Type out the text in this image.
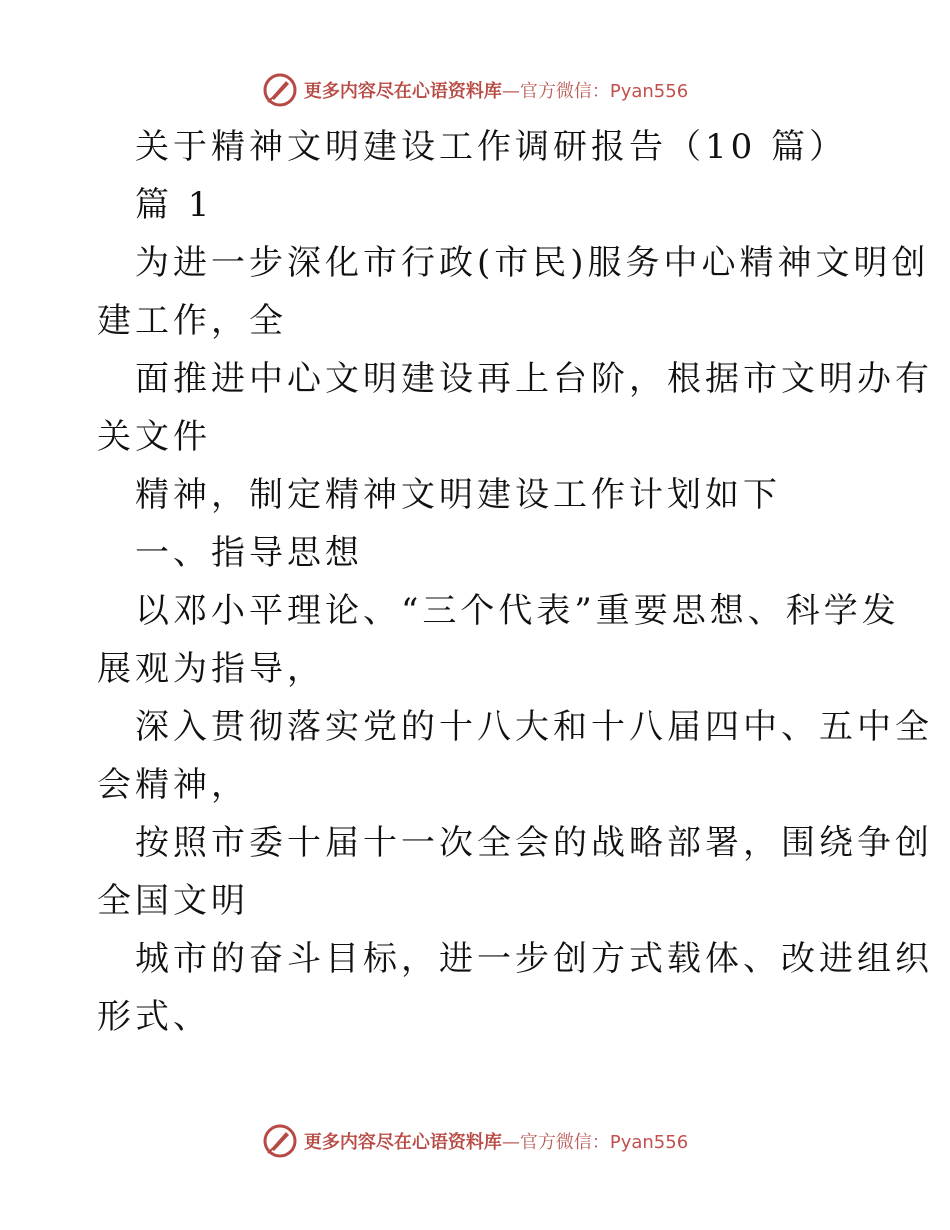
更多内容尽在心语资料库—官方微信：Pyan556
关于精神文明建设工作调研报告（10 篇）
篇 1
为进一步深化市行政(市民)服务中心精神文明创
建工作，全
面推进中心文明建设再上台阶，根据市文明办有
关文件
精神，制定精神文明建设工作计划如下
一、指导思想
以邓小平理论、“三个代表”重要思想、科学发
展观为指导，
深入贯彻落实党的十八大和十八届四中、五中全
会精神，
按照市委十届十一次全会的战略部署，围绕争创
全国文明
城市的奋斗目标，进一步创方式载体、改进组织
形式、
更多内容尽在心语资料库—官方微信：Pyan556
